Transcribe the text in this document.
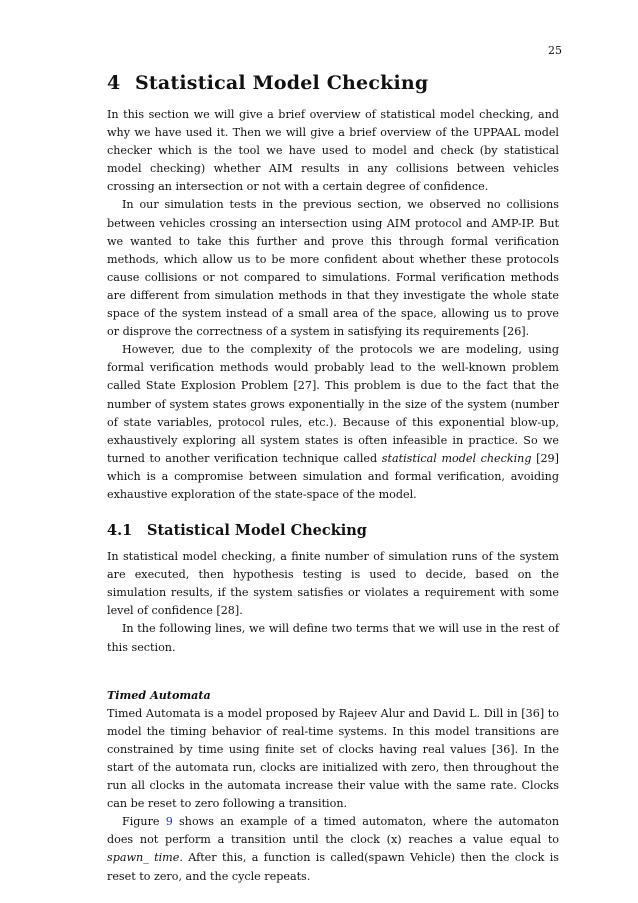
25
4 Statistical Model Checking

In this section we will give a brief overview of statistical model checking, and why we have used it. Then we will give a brief overview of the UPPAAL model checker which is the tool we have used to model and check (by statistical model checking) whether AIM results in any collisions between vehicles crossing an intersection or not with a certain degree of confidence.

In our simulation tests in the previous section, we observed no collisions between vehicles crossing an intersection using AIM protocol and AMP-IP. But we wanted to take this further and prove this through formal verification methods, which allow us to be more confident about whether these protocols cause collisions or not compared to simulations. Formal verification methods are different from simulation methods in that they investigate the whole state space of the system instead of a small area of the space, allowing us to prove or disprove the correctness of a system in satisfying its requirements [26].

However, due to the complexity of the protocols we are modeling, using formal verification methods would probably lead to the well-known problem called State Explosion Problem [27]. This problem is due to the fact that the number of system states grows exponentially in the size of the system (number of state variables, protocol rules, etc.). Because of this exponential blow-up, exhaustively exploring all system states is often infeasible in practice. So we turned to another verification technique called statistical model checking [29] which is a compromise between simulation and formal verification, avoiding exhaustive exploration of the state-space of the model.

4.1 Statistical Model Checking

In statistical model checking, a finite number of simulation runs of the system are executed, then hypothesis testing is used to decide, based on the simulation results, if the system satisfies or violates a requirement with some level of confidence [28].

In the following lines, we will define two terms that we will use in the rest of this section.

Timed Automata

Timed Automata is a model proposed by Rajeev Alur and David L. Dill in [36] to model the timing behavior of real-time systems. In this model transitions are constrained by time using finite set of clocks having real values [36]. In the start of the automata run, clocks are initialized with zero, then throughout the run all clocks in the automata increase their value with the same rate. Clocks can be reset to zero following a transition.

Figure 9 shows an example of a timed automaton, where the automaton does not perform a transition until the clock (x) reaches a value equal to spawn_ time. After this, a function is called(spawn Vehicle) then the clock is reset to zero, and the cycle repeats.
